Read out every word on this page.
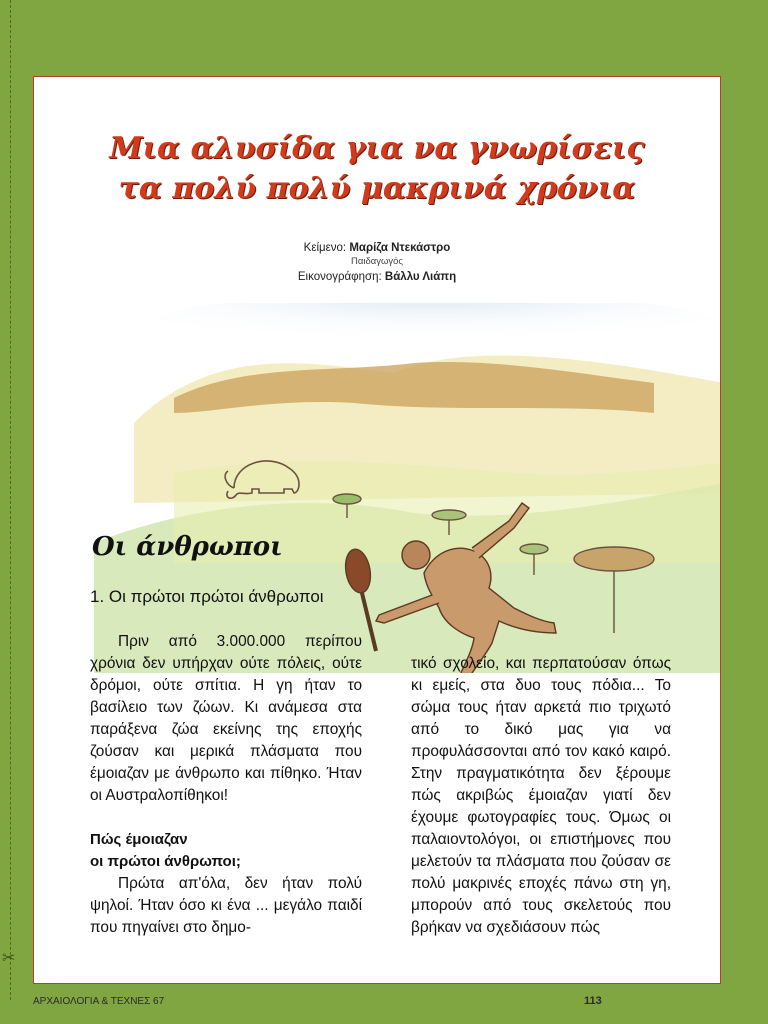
✂
Μια αλυσίδα για να γνωρίσεις
τα πολύ πολύ μακρινά χρόνια
Κείμενο: Μαρίζα Ντεκάστρο
Παιδαγωγός
Εικονογράφηση: Βάλλυ Λιάπη
Οι άνθρωποι
1. Οι πρώτοι πρώτοι άνθρωποι

Πριν από 3.000.000 περίπου χρόνια δεν υπήρχαν ούτε πόλεις, ούτε δρόμοι, ούτε σπίτια. Η γη ήταν το βασίλειο των ζώων. Κι ανάμεσα στα παράξενα ζώα εκείνης της εποχής ζούσαν και μερικά πλάσματα που έμοιαζαν με άνθρωπο και πίθηκο. Ήταν οι Αυστραλοπίθηκοι!

Πώς έμοιαζαν
οι πρώτοι άνθρωποι;

Πρώτα απ'όλα, δεν ήταν πολύ ψηλοί. Ήταν όσο κι ένα ... μεγάλο παιδί που πηγαίνει στο δημο-

τικό σχολείο, και περπατούσαν όπως κι εμείς, στα δυο τους πόδια... Το σώμα τους ήταν αρκετά πιο τριχωτό από το δικό μας για να προφυλάσσονται από τον κακό καιρό. Στην πραγματικότητα δεν ξέρουμε πώς ακριβώς έμοιαζαν γιατί δεν έχουμε φωτογραφίες τους. Όμως οι παλαιοντολόγοι, οι επιστήμονες που μελετούν τα πλάσματα που ζούσαν σε πολύ μακρινές εποχές πάνω στη γη, μπορούν από τους σκελετούς που βρήκαν να σχεδιάσουν πώς

ΑΡΧΑΙΟΛΟΓΙΑ & ΤΕΧΝΕΣ 67	113
